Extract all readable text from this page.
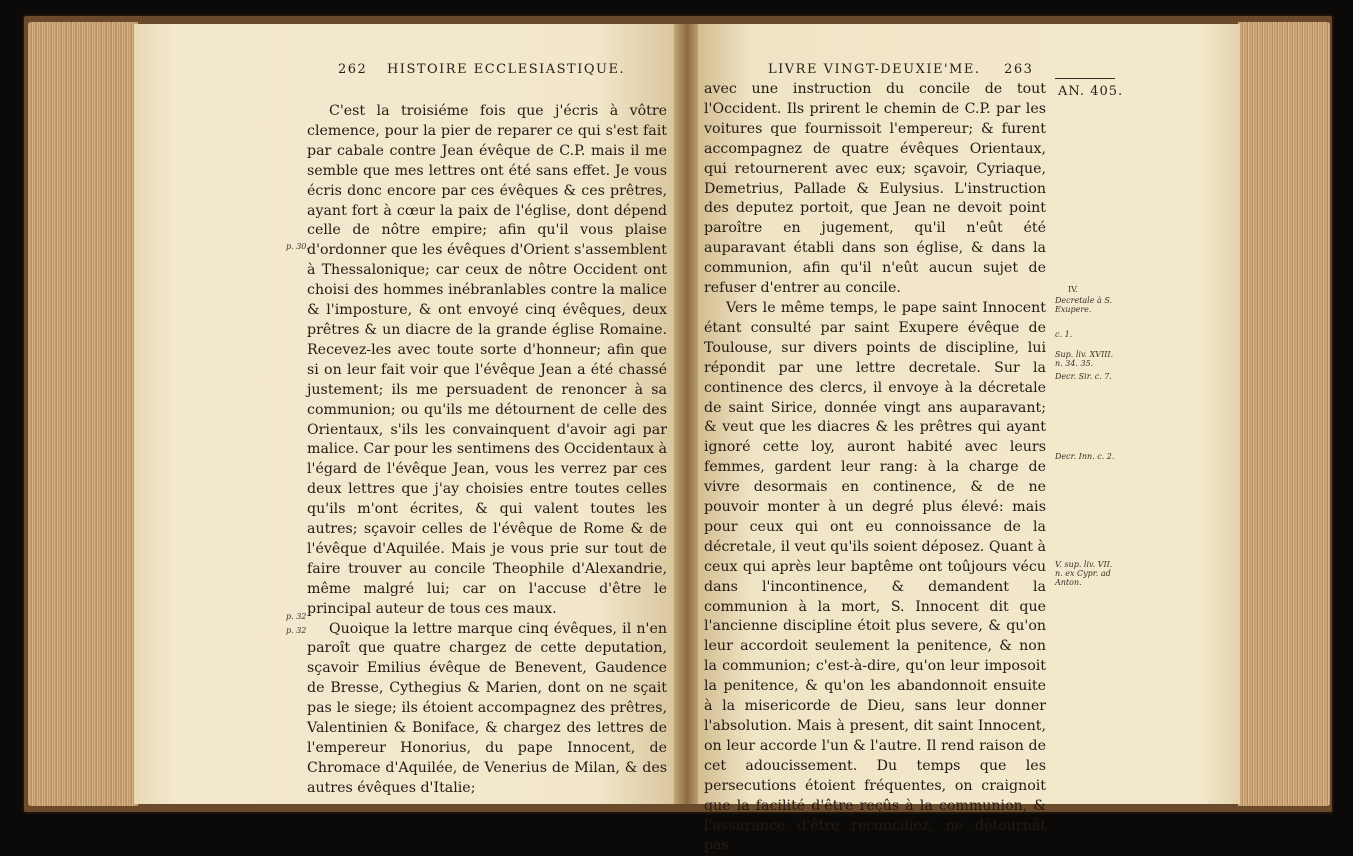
262 HISTOIRE ECCLESIASTIQUE.

C'est la troisiéme fois que j'écris à vôtre clemence, pour la pier de reparer ce qui s'est fait par cabale contre Jean évêque de C.P. mais il me semble que mes lettres ont été sans effet. Je vous écris donc encore par ces évêques & ces prêtres, ayant fort à cœur la paix de l'église, dont dépend celle de nôtre empire; afin qu'il vous plaise d'ordonner que les évêques d'Orient s'assemblent à Thessalonique; car ceux de nôtre Occident ont choisi des hommes inébranlables contre la malice & l'imposture, & ont envoyé cinq évêques, deux prêtres & un diacre de la grande église Romaine. Recevez-les avec toute sorte d'honneur; afin que si on leur fait voir que l'évêque Jean a été chassé justement; ils me persuadent de renoncer à sa communion; ou qu'ils me détournent de celle des Orientaux, s'ils les convainquent d'avoir agi par malice. Car pour les sentimens des Occidentaux à l'égard de l'évêque Jean, vous les verrez par ces deux lettres que j'ay choisies entre toutes celles qu'ils m'ont écrites, & qui valent toutes les autres; sçavoir celles de l'évêque de Rome & de l'évêque d'Aquilée. Mais je vous prie sur tout de faire trouver au concile Theophile d'Alexandrie, même malgré lui; car on l'accuse d'être le principal auteur de tous ces maux.

Quoique la lettre marque cinq évêques, il n'en paroît que quatre chargez de cette deputation, sçavoir Emilius évêque de Benevent, Gaudence de Bresse, Cythegius & Marien, dont on ne sçait pas le siege; ils étoient accompagnez des prêtres, Valentinien & Boniface, & chargez des lettres de l'empereur Honorius, du pape Innocent, de Chromace d'Aquilée, de Venerius de Milan, & des autres évêques d'Italie;

p. 30.
p. 32
p. 32
LIVRE VINGT-DEUXIE'ME. 263
AN. 405.

avec une instruction du concile de tout l'Occident. Ils prirent le chemin de C.P. par les voitures que fournissoit l'empereur; & furent accompagnez de quatre évêques Orientaux, qui retournerent avec eux; sçavoir, Cyriaque, Demetrius, Pallade & Eulysius. L'instruction des deputez portoit, que Jean ne devoit point paroître en jugement, qu'il n'eût été auparavant établi dans son église, & dans la communion, afin qu'il n'eût aucun sujet de refuser d'entrer au concile.

Vers le même temps, le pape saint Innocent étant consulté par saint Exupere évêque de Toulouse, sur divers points de discipline, lui répondit par une lettre decretale. Sur la continence des clercs, il envoye à la décretale de saint Sirice, donnée vingt ans auparavant; & veut que les diacres & les prêtres qui ayant ignoré cette loy, auront habité avec leurs femmes, gardent leur rang: à la charge de vivre desormais en continence, & de ne pouvoir monter à un degré plus élevé: mais pour ceux qui ont eu connoissance de la décretale, il veut qu'ils soient déposez. Quant à ceux qui après leur baptême ont toûjours vécu dans l'incontinence, & demandent la communion à la mort, S. Innocent dit que l'ancienne discipline étoit plus severe, & qu'on leur accordoit seulement la penitence, & non la communion; c'est-à-dire, qu'on leur imposoit la penitence, & qu'on les abandonnoit ensuite à la misericorde de Dieu, sans leur donner l'absolution. Mais à present, dit saint Innocent, on leur accorde l'un & l'autre. Il rend raison de cet adoucissement. Du temps que les persecutions étoient fréquentes, on craignoit que la facilité d'être reçûs à la communion, & l'assurance d'être reconciliez, ne détournât pas

IV.
Decretale à S. Exupere.
c. 1.
Sup. liv. XVIII. n. 34. 35.
Decr. Sir. c. 7.
Decr. Inn. c. 2.
V. sup. liv. VII. n. ex Cypr. ad Anton.
